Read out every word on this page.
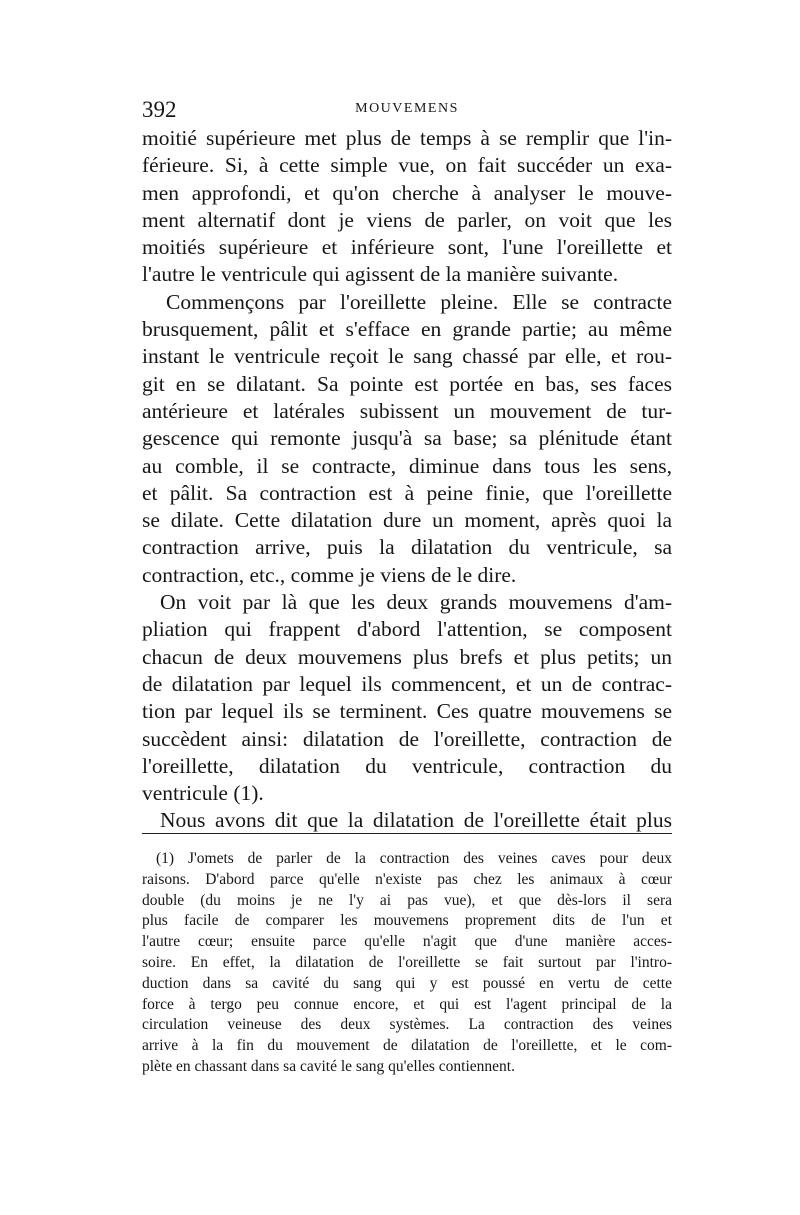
392	MOUVEMENS
moitié supérieure met plus de temps à se remplir que l'in-
férieure. Si, à cette simple vue, on fait succéder un exa-
men approfondi, et qu'on cherche à analyser le mouve-
ment alternatif dont je viens de parler, on voit que les
moitiés supérieure et inférieure sont, l'une l'oreillette et
l'autre le ventricule qui agissent de la manière suivante.
Commençons par l'oreillette pleine. Elle se contracte
brusquement, pâlit et s'efface en grande partie; au même
instant le ventricule reçoit le sang chassé par elle, et rou-
git en se dilatant. Sa pointe est portée en bas, ses faces
antérieure et latérales subissent un mouvement de tur-
gescence qui remonte jusqu'à sa base; sa plénitude étant
au comble, il se contracte, diminue dans tous les sens,
et pâlit. Sa contraction est à peine finie, que l'oreillette
se dilate. Cette dilatation dure un moment, après quoi la
contraction arrive, puis la dilatation du ventricule, sa
contraction, etc., comme je viens de le dire.
On voit par là que les deux grands mouvemens d'am-
pliation qui frappent d'abord l'attention, se composent
chacun de deux mouvemens plus brefs et plus petits; un
de dilatation par lequel ils commencent, et un de contrac-
tion par lequel ils se terminent. Ces quatre mouvemens se
succèdent ainsi: dilatation de l'oreillette, contraction de
l'oreillette, dilatation du ventricule, contraction du
ventricule (1).
Nous avons dit que la dilatation de l'oreillette était plus
(1) J'omets de parler de la contraction des veines caves pour deux
raisons. D'abord parce qu'elle n'existe pas chez les animaux à cœur
double (du moins je ne l'y ai pas vue), et que dès-lors il sera
plus facile de comparer les mouvemens proprement dits de l'un et
l'autre cœur; ensuite parce qu'elle n'agit que d'une manière acces-
soire. En effet, la dilatation de l'oreillette se fait surtout par l'intro-
duction dans sa cavité du sang qui y est poussé en vertu de cette
force à tergo peu connue encore, et qui est l'agent principal de la
circulation veineuse des deux systèmes. La contraction des veines
arrive à la fin du mouvement de dilatation de l'oreillette, et le com-
plète en chassant dans sa cavité le sang qu'elles contiennent.
